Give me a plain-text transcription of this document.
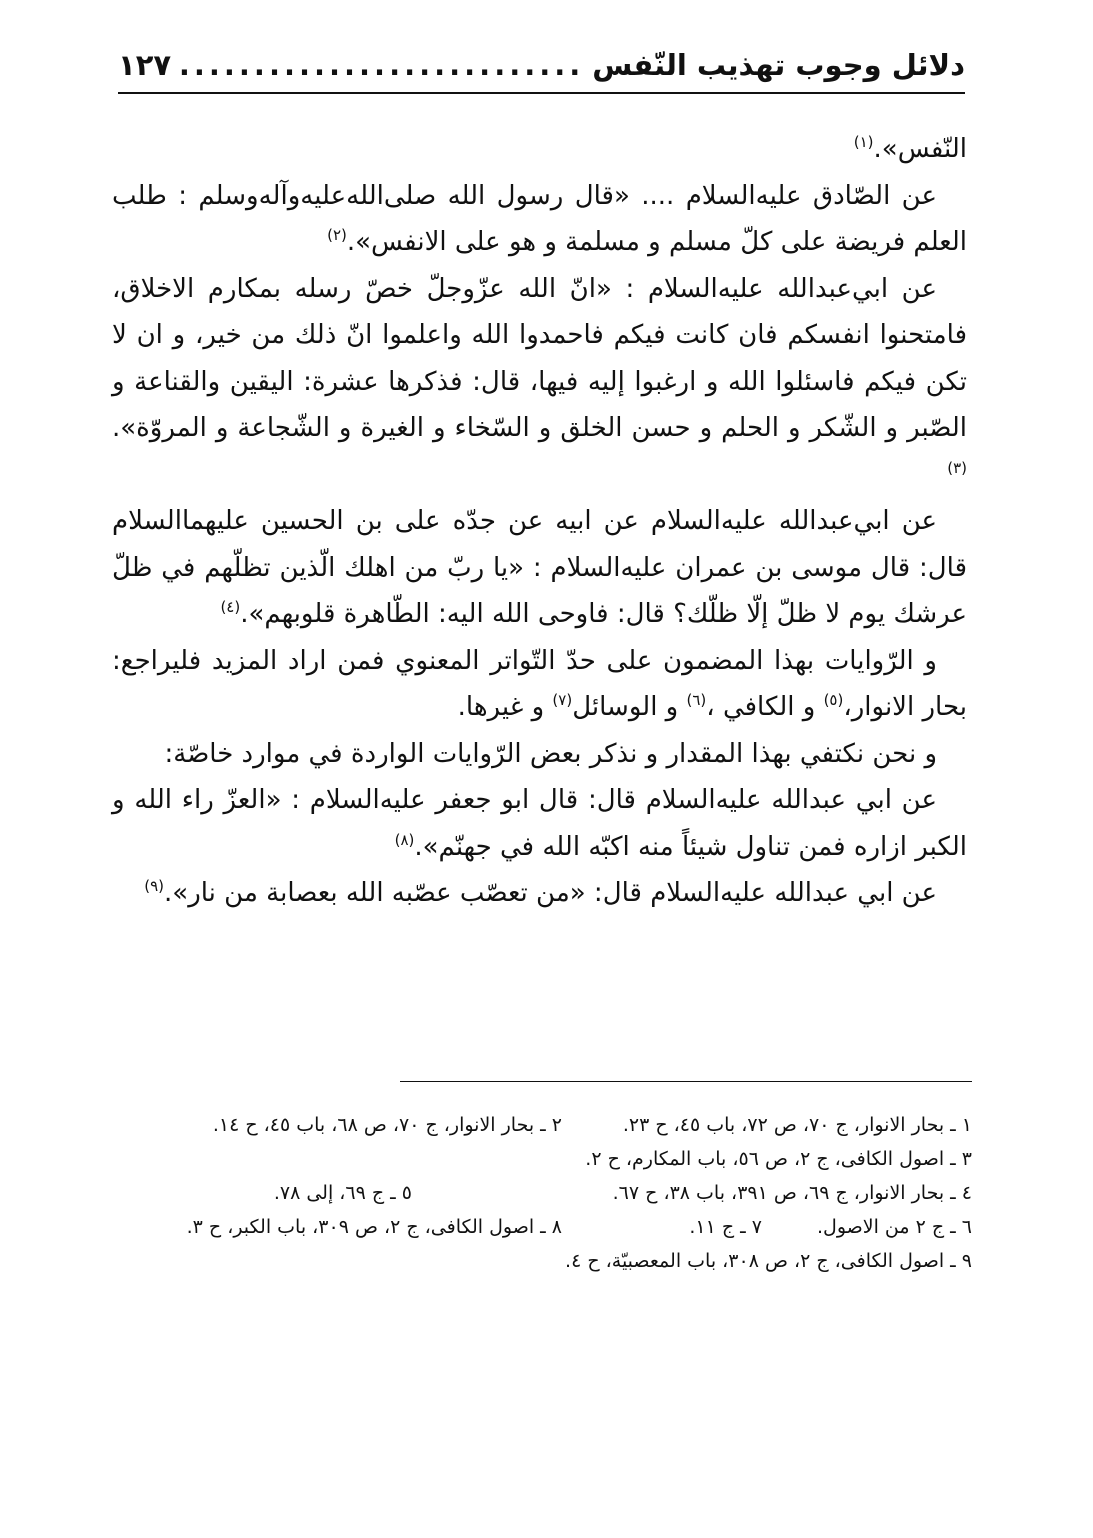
دلائل وجوب تهذيب النّفس
...........................
۱۲۷

النّفس».$^{(۱)}$

عن الصّادق عليه‌السلام .... «قال رسول الله صلى‌الله‌عليه‌وآله‌وسلم : طلب العلم فريضة على كلّ مسلم و مسلمة و هو على الانفس».$^{(۲)}$

عن ابي‌عبدالله عليه‌السلام : «انّ الله عزّوجلّ خصّ رسله بمكارم الاخلاق، فامتحنوا انفسكم فان كانت فيكم فاحمدوا الله واعلموا انّ ذلك من خير، و ان لا تكن فيكم فاسئلوا الله و ارغبوا إليه فيها، قال: فذكرها عشرة: اليقين والقناعة و الصّبر و الشّكر و الحلم و حسن الخلق و السّخاء و الغيرة و الشّجاعة و المروّة».$^{(۳)}$

عن ابي‌عبدالله عليه‌السلام عن ابيه عن جدّه على بن الحسين عليهما‌السلام قال: قال موسى بن عمران عليه‌السلام : «يا ربّ من اهلك الّذين تظلّهم في ظلّ عرشك يوم لا ظلّ إلّا ظلّك؟ قال: فاوحى الله اليه: الطّاهرة قلوبهم».$^{(٤)}$

و الرّوايات بهذا المضمون على حدّ التّواتر المعنوي فمن اراد المزيد فليراجع: بحار الانوار،$^{(٥)}$ و الكافي ،$^{(٦)}$ و الوسائل$^{(۷)}$ و غيرها.

و نحن نكتفي بهذا المقدار و نذكر بعض الرّوايات الواردة في موارد خاصّة:

عن ابي عبدالله عليه‌السلام قال: قال ابو جعفر عليه‌السلام : «العزّ راء الله و الكبر ازاره فمن تناول شيئاً منه اكبّه الله في جهنّم».$^{(۸)}$

عن ابي عبدالله عليه‌السلام قال: «من تعصّب عصّبه الله بعصابة من نار».$^{(۹)}$

١ ـ بحار الانوار، ج ٧٠، ص ٧٢، باب ٤٥، ح ٢٣.
٢ ـ بحار الانوار، ج ٧٠، ص ٦٨، باب ٤٥، ح ١٤.
٣ ـ اصول الكافى، ج ٢، ص ٥٦، باب المكارم، ح ٢.
٤ ـ بحار الانوار، ج ٦٩، ص ٣٩١، باب ٣٨، ح ٦٧.
٥ ـ ج ٦٩، إلى ٧٨.
٦ ـ ج ٢ من الاصول.
٧ ـ ج ١١.
٨ ـ اصول الكافى، ج ٢، ص ٣٠٩، باب الكبر، ح ٣.
٩ ـ اصول الكافى، ج ٢، ص ٣٠٨، باب المعصبيّة، ح ٤.
